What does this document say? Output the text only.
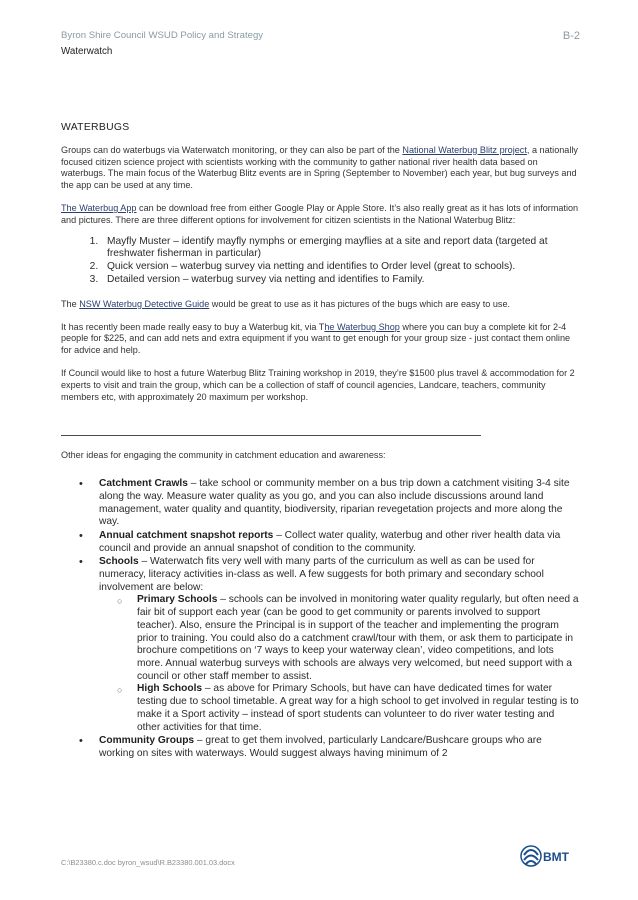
Byron Shire Council WSUD Policy and Strategy	B-2
Waterwatch
WATERBUGS

Groups can do waterbugs via Waterwatch monitoring, or they can also be part of the National Waterbug Blitz project, a nationally focused citizen science project with scientists working with the community to gather national river health data based on waterbugs. The main focus of the Waterbug Blitz events are in Spring (September to November) each year, but bug surveys and the app can be used at any time.

The Waterbug App can be download free from either Google Play or Apple Store. It’s also really great as it has lots of information and pictures. There are three different options for involvement for citizen scientists in the National Waterbug Blitz:

1. Mayfly Muster – identify mayfly nymphs or emerging mayflies at a site and report data (targeted at freshwater fisherman in particular)
2. Quick version – waterbug survey via netting and identifies to Order level (great to schools).
3. Detailed version – waterbug survey via netting and identifies to Family.

The NSW Waterbug Detective Guide would be great to use as it has pictures of the bugs which are easy to use.

It has recently been made really easy to buy a Waterbug kit, via The Waterbug Shop where you can buy a complete kit for 2-4 people for $225, and can add nets and extra equipment if you want to get enough for your group size - just contact them online for advice and help.

If Council would like to host a future Waterbug Blitz Training workshop in 2019, they’re $1500 plus travel & accommodation for 2 experts to visit and train the group, which can be a collection of staff of council agencies, Landcare, teachers, community members etc, with approximately 20 maximum per workshop.

Other ideas for engaging the community in catchment education and awareness:

• Catchment Crawls – take school or community member on a bus trip down a catchment visiting 3-4 site along the way. Measure water quality as you go, and you can also include discussions around land management, water quality and quantity, biodiversity, riparian revegetation projects and more along the way.
• Annual catchment snapshot reports – Collect water quality, waterbug and other river health data via council and provide an annual snapshot of condition to the community.
• Schools – Waterwatch fits very well with many parts of the curriculum as well as can be used for numeracy, literacy activities in-class as well. A few suggests for both primary and secondary school involvement are below:
○ Primary Schools – schools can be involved in monitoring water quality regularly, but often need a fair bit of support each year (can be good to get community or parents involved to support teacher). Also, ensure the Principal is in support of the teacher and implementing the program prior to training. You could also do a catchment crawl/tour with them, or ask them to participate in brochure competitions on ‘7 ways to keep your waterway clean’, video competitions, and lots more. Annual waterbug surveys with schools are always very welcomed, but need support with a council or other staff member to assist.
○ High Schools – as above for Primary Schools, but have can have dedicated times for water testing due to school timetable. A great way for a high school to get involved in regular testing is to make it a Sport activity – instead of sport students can volunteer to do river water testing and other activities for that time.
• Community Groups – great to get them involved, particularly Landcare/Bushcare groups who are working on sites with waterways. Would suggest always having minimum of 2
C:\B23380.c.doc byron_wsud\R.B23380.001.03.docx	BMT
